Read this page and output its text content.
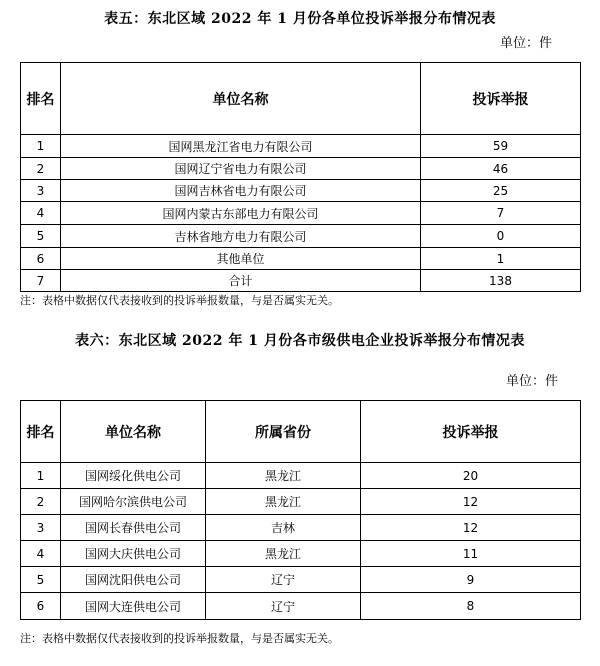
表五：东北区域 2022 年 1 月份各单位投诉举报分布情况表
单位：件
排名	单位名称	投诉举报
1	国网黑龙江省电力有限公司	59
2	国网辽宁省电力有限公司	46
3	国网吉林省电力有限公司	25
4	国网内蒙古东部电力有限公司	7
5	吉林省地方电力有限公司	0
6	其他单位	1
7	合计	138
注：表格中数据仅代表接收到的投诉举报数量，与是否属实无关。
表六：东北区域 2022 年 1 月份各市级供电企业投诉举报分布情况表
单位：件
排名	单位名称	所属省份	投诉举报
1	国网绥化供电公司	黑龙江	20
2	国网哈尔滨供电公司	黑龙江	12
3	国网长春供电公司	吉林	12
4	国网大庆供电公司	黑龙江	11
5	国网沈阳供电公司	辽宁	9
6	国网大连供电公司	辽宁	8
注：表格中数据仅代表接收到的投诉举报数量，与是否属实无关。
